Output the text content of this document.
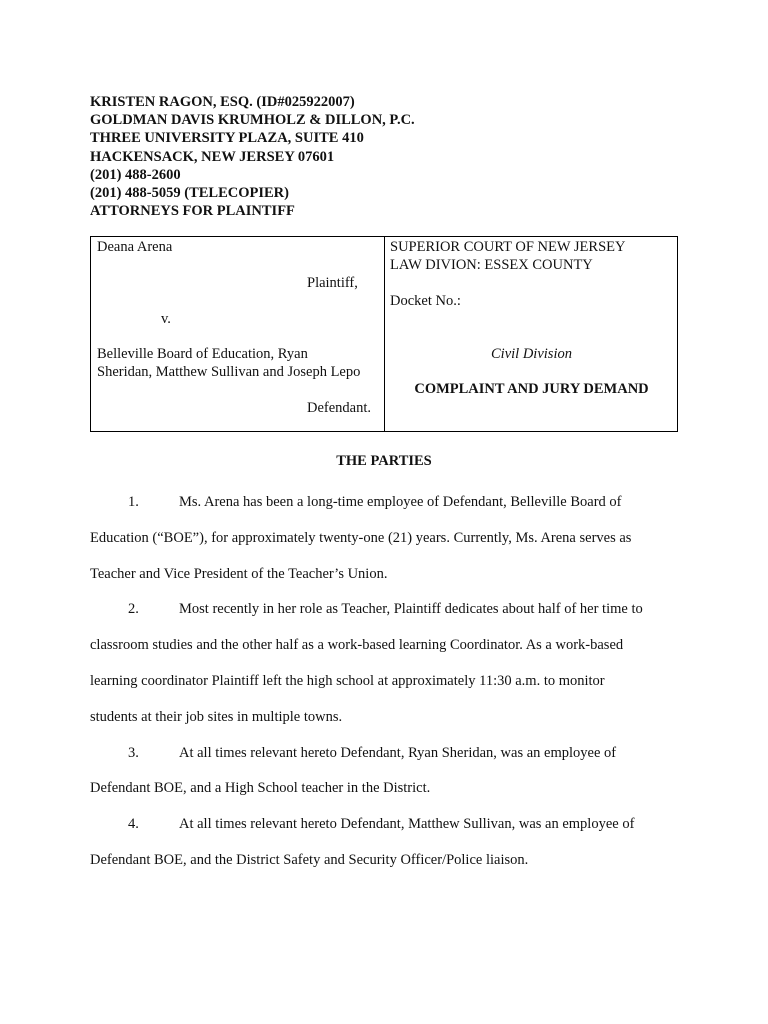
KRISTEN RAGON, ESQ. (ID#025922007)
GOLDMAN DAVIS KRUMHOLZ & DILLON, P.C.
THREE UNIVERSITY PLAZA, SUITE 410
HACKENSACK, NEW JERSEY 07601
(201) 488-2600
(201) 488-5059 (TELECOPIER)
ATTORNEYS FOR PLAINTIFF
Deana Arena
Plaintiff,
v.
Belleville Board of Education, Ryan
Sheridan, Matthew Sullivan and Joseph Lepo
Defendant.
SUPERIOR COURT OF NEW JERSEY
LAW DIVION: ESSEX COUNTY
Docket No.:
Civil Division
COMPLAINT AND JURY DEMAND
THE PARTIES
1.	Ms. Arena has been a long-time employee of Defendant, Belleville Board of
Education (“BOE”), for approximately twenty-one (21) years. Currently, Ms. Arena serves as
Teacher and Vice President of the Teacher’s Union.
2.	Most recently in her role as Teacher, Plaintiff dedicates about half of her time to
classroom studies and the other half as a work-based learning Coordinator. As a work-based
learning coordinator Plaintiff left the high school at approximately 11:30 a.m. to monitor
students at their job sites in multiple towns.
3.	At all times relevant hereto Defendant, Ryan Sheridan, was an employee of
Defendant BOE, and a High School teacher in the District.
4.	At all times relevant hereto Defendant, Matthew Sullivan, was an employee of
Defendant BOE, and the District Safety and Security Officer/Police liaison.
